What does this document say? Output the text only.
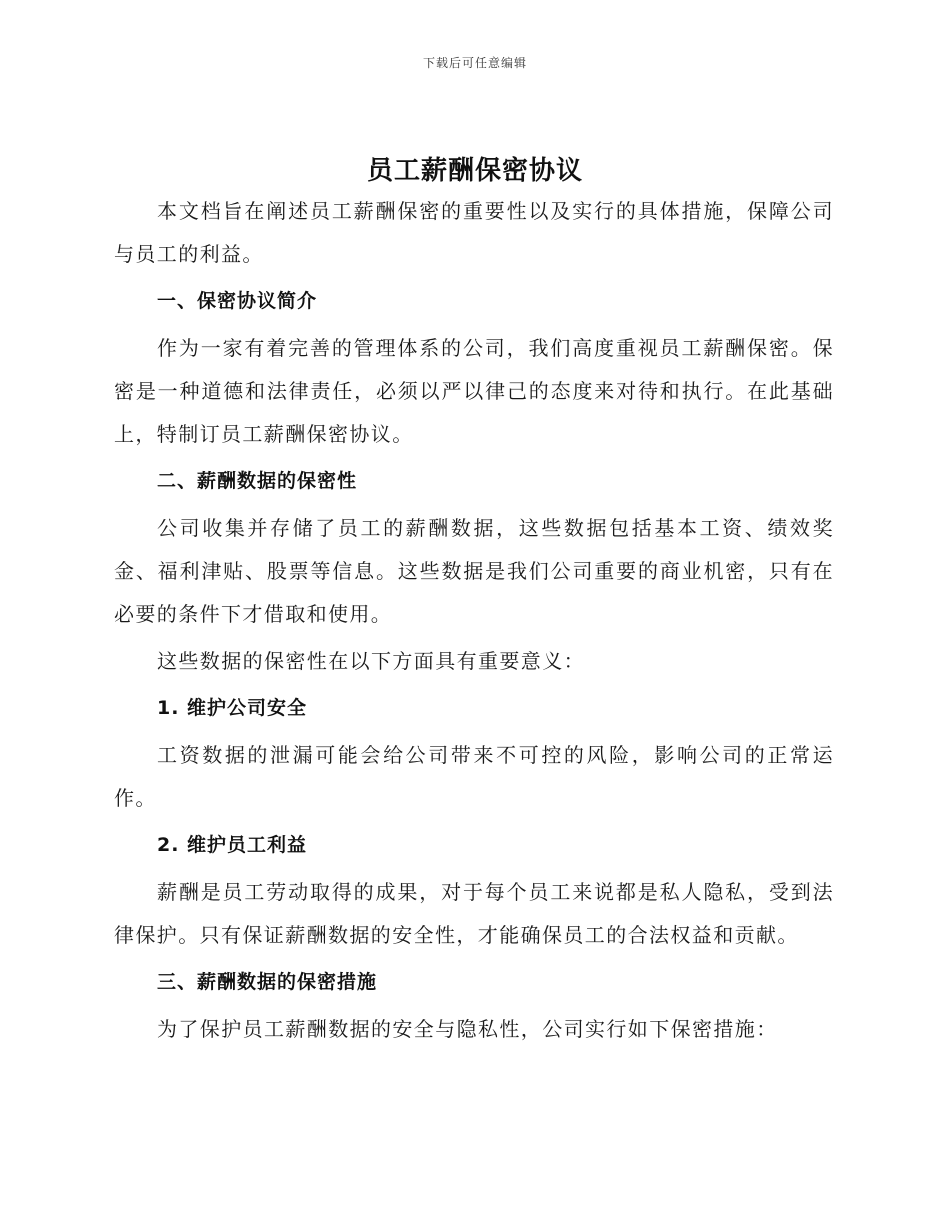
下载后可任意编辑
员工薪酬保密协议

本文档旨在阐述员工薪酬保密的重要性以及实行的具体措施，保障公司与员工的利益。

一、保密协议简介

作为一家有着完善的管理体系的公司，我们高度重视员工薪酬保密。保密是一种道德和法律责任，必须以严以律己的态度来对待和执行。在此基础上，特制订员工薪酬保密协议。

二、薪酬数据的保密性

公司收集并存储了员工的薪酬数据，这些数据包括基本工资、绩效奖金、福利津贴、股票等信息。这些数据是我们公司重要的商业机密，只有在必要的条件下才借取和使用。

这些数据的保密性在以下方面具有重要意义：

1. 维护公司安全

工资数据的泄漏可能会给公司带来不可控的风险，影响公司的正常运作。

2. 维护员工利益

薪酬是员工劳动取得的成果，对于每个员工来说都是私人隐私，受到法律保护。只有保证薪酬数据的安全性，才能确保员工的合法权益和贡献。

三、薪酬数据的保密措施

为了保护员工薪酬数据的安全与隐私性，公司实行如下保密措施：
